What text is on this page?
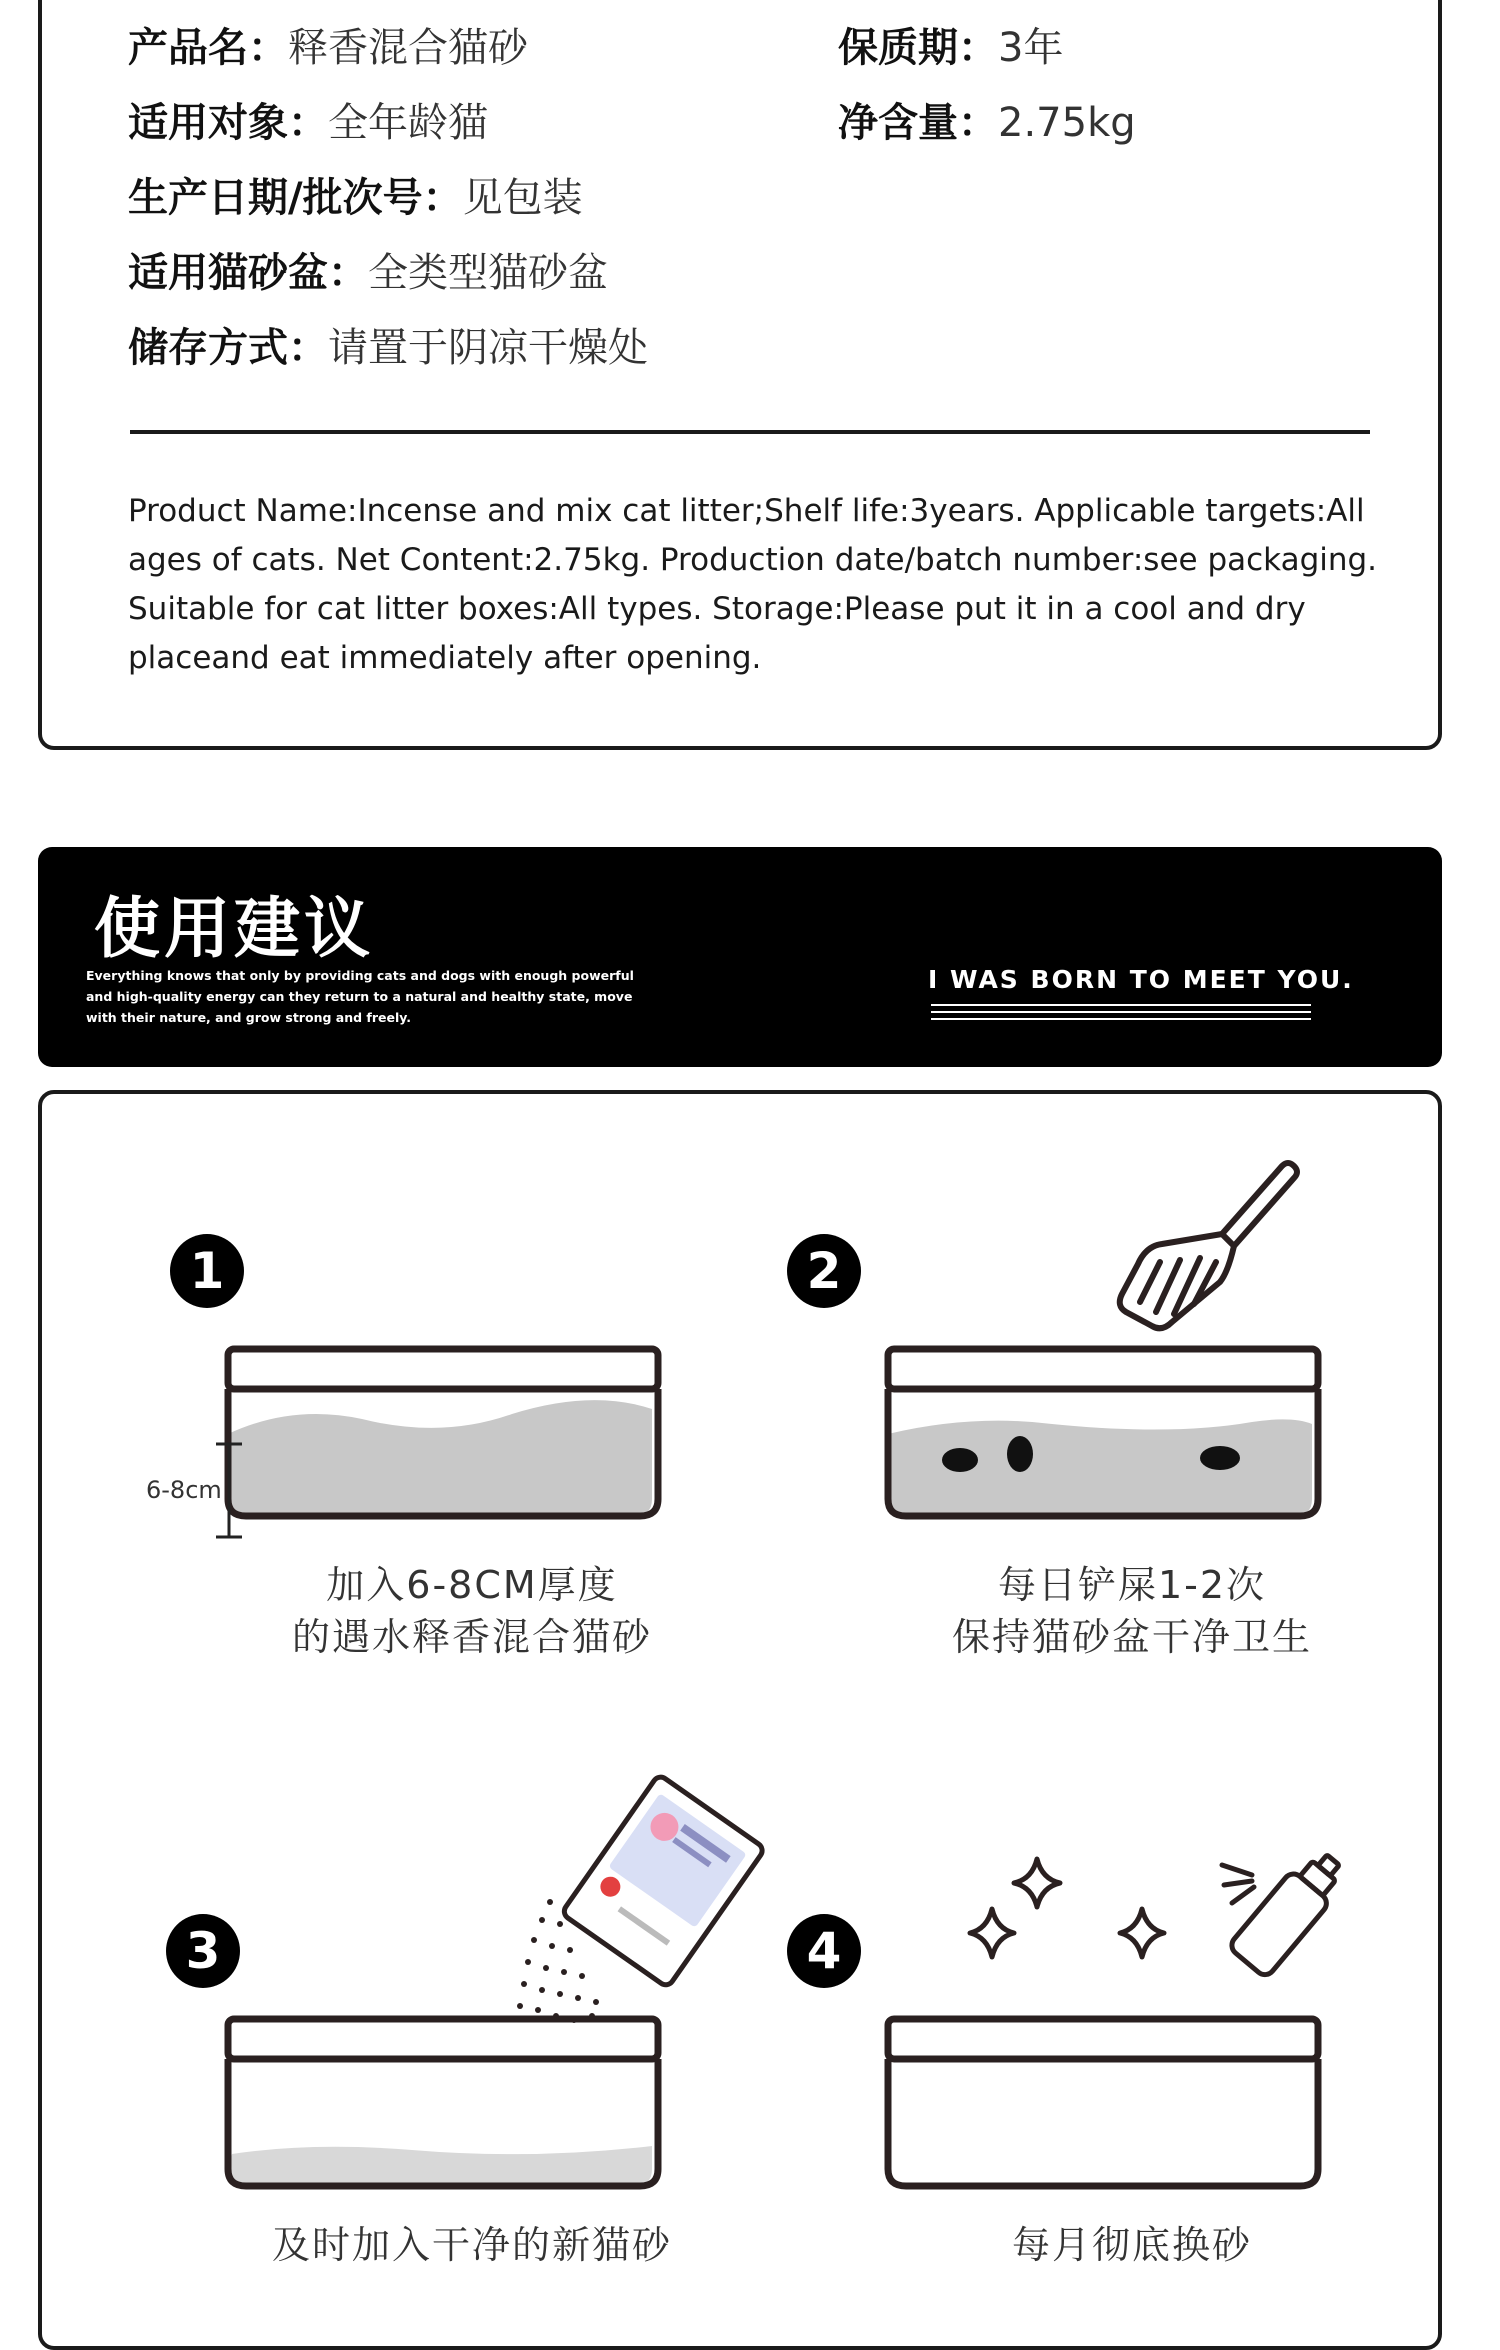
产品名：释香混合猫砂	保质期：3年
适用对象：全年龄猫	净含量：2.75kg
生产日期/批次号：见包装
适用猫砂盆：全类型猫砂盆
储存方式：请置于阴凉干燥处

Product Name:Incense and mix cat litter;Shelf life:3years. Applicable targets:All

ages of cats. Net Content:2.75kg. Production date/batch number:see packaging.

Suitable for cat litter boxes:All types. Storage:Please put it in a cool and dry

placeand eat immediately after opening.

使用建议

Everything knows that only by providing cats and dogs with enough powerful

and high-quality energy can they return to a natural and healthy state, move

with their nature, and grow strong and freely.

I WAS BORN TO MEET YOU.
1
6-8cm

加入6-8CM厚度

的遇水释香混合猫砂

2

每日铲屎1-2次

保持猫砂盆干净卫生

3

及时加入干净的新猫砂

4

每月彻底换砂
